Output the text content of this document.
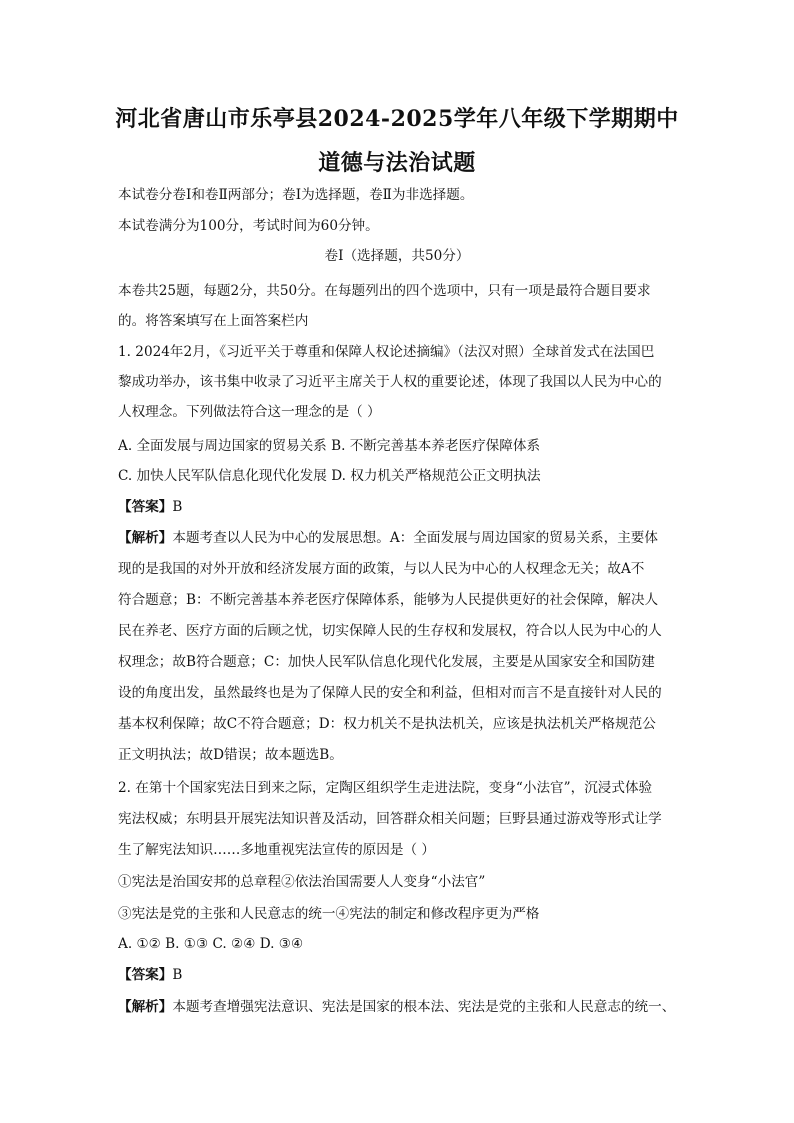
河北省唐山市乐亭县2024-2025学年八年级下学期期中
道德与法治试题
本试卷分卷Ⅰ和卷Ⅱ两部分；卷Ⅰ为选择题，卷Ⅱ为非选择题。
本试卷满分为100分，考试时间为60分钟。
卷Ⅰ（选择题，共50分）
本卷共25题，每题2分，共50分。在每题列出的四个选项中，只有一项是最符合题目要求
的。将答案填写在上面答案栏内
1. 2024年2月，《习近平关于尊重和保障人权论述摘编》（法汉对照）全球首发式在法国巴
黎成功举办，该书集中收录了习近平主席关于人权的重要论述，体现了我国以人民为中心的
人权理念。下列做法符合这一理念的是（ ）
A. 全面发展与周边国家的贸易关系 B. 不断完善基本养老医疗保障体系
C. 加快人民军队信息化现代化发展 D. 权力机关严格规范公正文明执法
【答案】B
【解析】本题考查以人民为中心的发展思想。A：全面发展与周边国家的贸易关系，主要体
现的是我国的对外开放和经济发展方面的政策，与以人民为中心的人权理念无关；故A不
符合题意；B：不断完善基本养老医疗保障体系，能够为人民提供更好的社会保障，解决人
民在养老、医疗方面的后顾之忧，切实保障人民的生存权和发展权，符合以人民为中心的人
权理念；故B符合题意；C：加快人民军队信息化现代化发展，主要是从国家安全和国防建
设的角度出发，虽然最终也是为了保障人民的安全和利益，但相对而言不是直接针对人民的
基本权利保障；故C不符合题意；D：权力机关不是执法机关，应该是执法机关严格规范公
正文明执法；故D错误；故本题选B。
2. 在第十个国家宪法日到来之际，定陶区组织学生走进法院，变身“小法官”，沉浸式体验
宪法权威；东明县开展宪法知识普及活动，回答群众相关问题；巨野县通过游戏等形式让学
生了解宪法知识……多地重视宪法宣传的原因是（ ）
①宪法是治国安邦的总章程②依法治国需要人人变身“小法官”
③宪法是党的主张和人民意志的统一④宪法的制定和修改程序更为严格
A. ①② B. ①③ C. ②④ D. ③④
【答案】B
【解析】本题考查增强宪法意识、宪法是国家的根本法、宪法是党的主张和人民意志的统一、
